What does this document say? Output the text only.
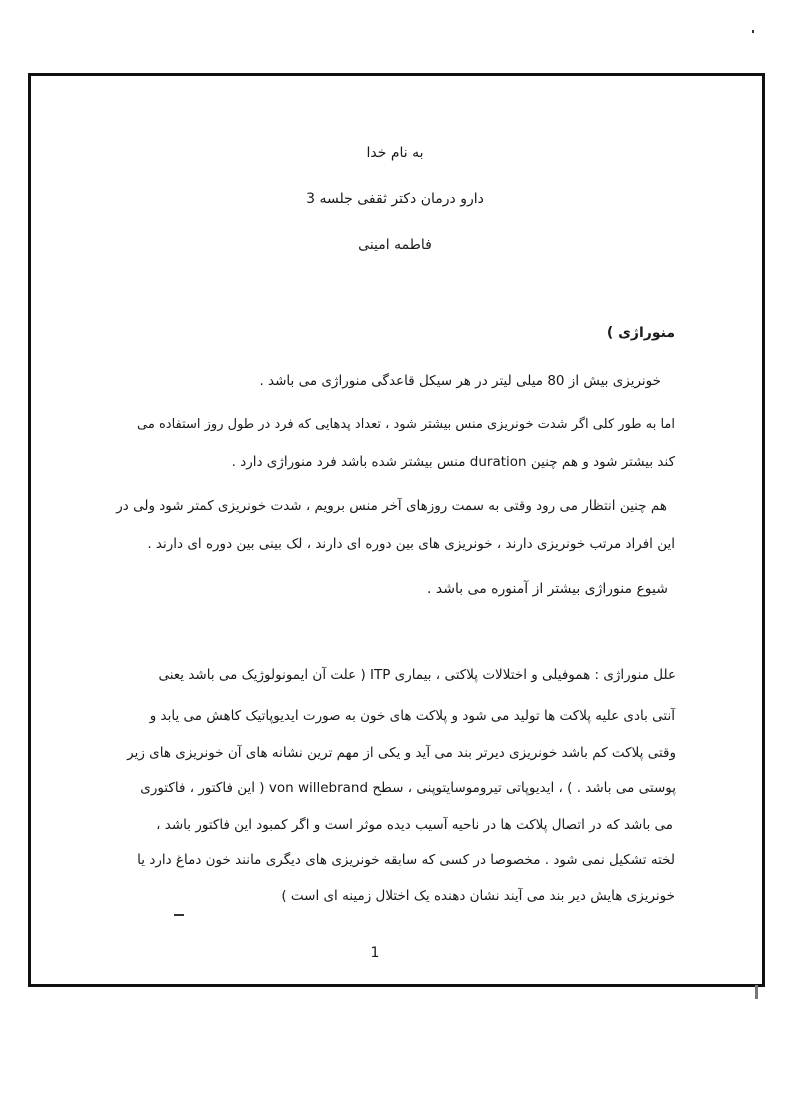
به نام خدا
دارو درمان دکتر ثقفی جلسه 3
فاطمه امینی
منوراژی )
خونریزی بیش از 80 میلی لیتر در هر سیکل قاعدگی منوراژی می باشد .
اما به طور کلی اگر شدت خونریزی منس بیشتر شود ، تعداد پدهایی که فرد در طول روز استفاده می
کند بیشتر شود و هم چنین duration منس بیشتر شده باشد فرد منوراژی دارد .
هم چنین انتظار می رود وقتی به سمت روزهای آخر منس برویم ، شدت خونریزی کمتر شود ولی در
این افراد مرتب خونریزی دارند ، خونریزی های بین دوره ای دارند ، لک بینی بین دوره ای دارند .
شیوع منوراژی بیشتر از آمنوره می باشد .
علل منوراژی : هموفیلی و اختلالات پلاکتی ، بیماری ITP ( علت آن ایمونولوژیک می باشد یعنی
آنتی بادی علیه پلاکت ها تولید می شود و پلاکت های خون به صورت ایدیوپاتیک کاهش می یابد و
وقتی پلاکت کم باشد خونریزی دیرتر بند می آید و یکی از مهم ترین نشانه های آن خونریزی های زیر
پوستی می باشد . ) ، ایدیوپاتی تیروموسایتوپنی ، سطح von willebrand ( این فاکتور ، فاکتوری
می باشد که در اتصال پلاکت ها در ناحیه آسیب دیده موثر است و اگر کمبود این فاکتور باشد ،
لخته تشکیل نمی شود . مخصوصا در کسی که سابقه خونریزی های دیگری مانند خون دماغ دارد یا
خونریزی هایش دیر بند می آیند نشان دهنده یک اختلال زمینه ای است )
1
